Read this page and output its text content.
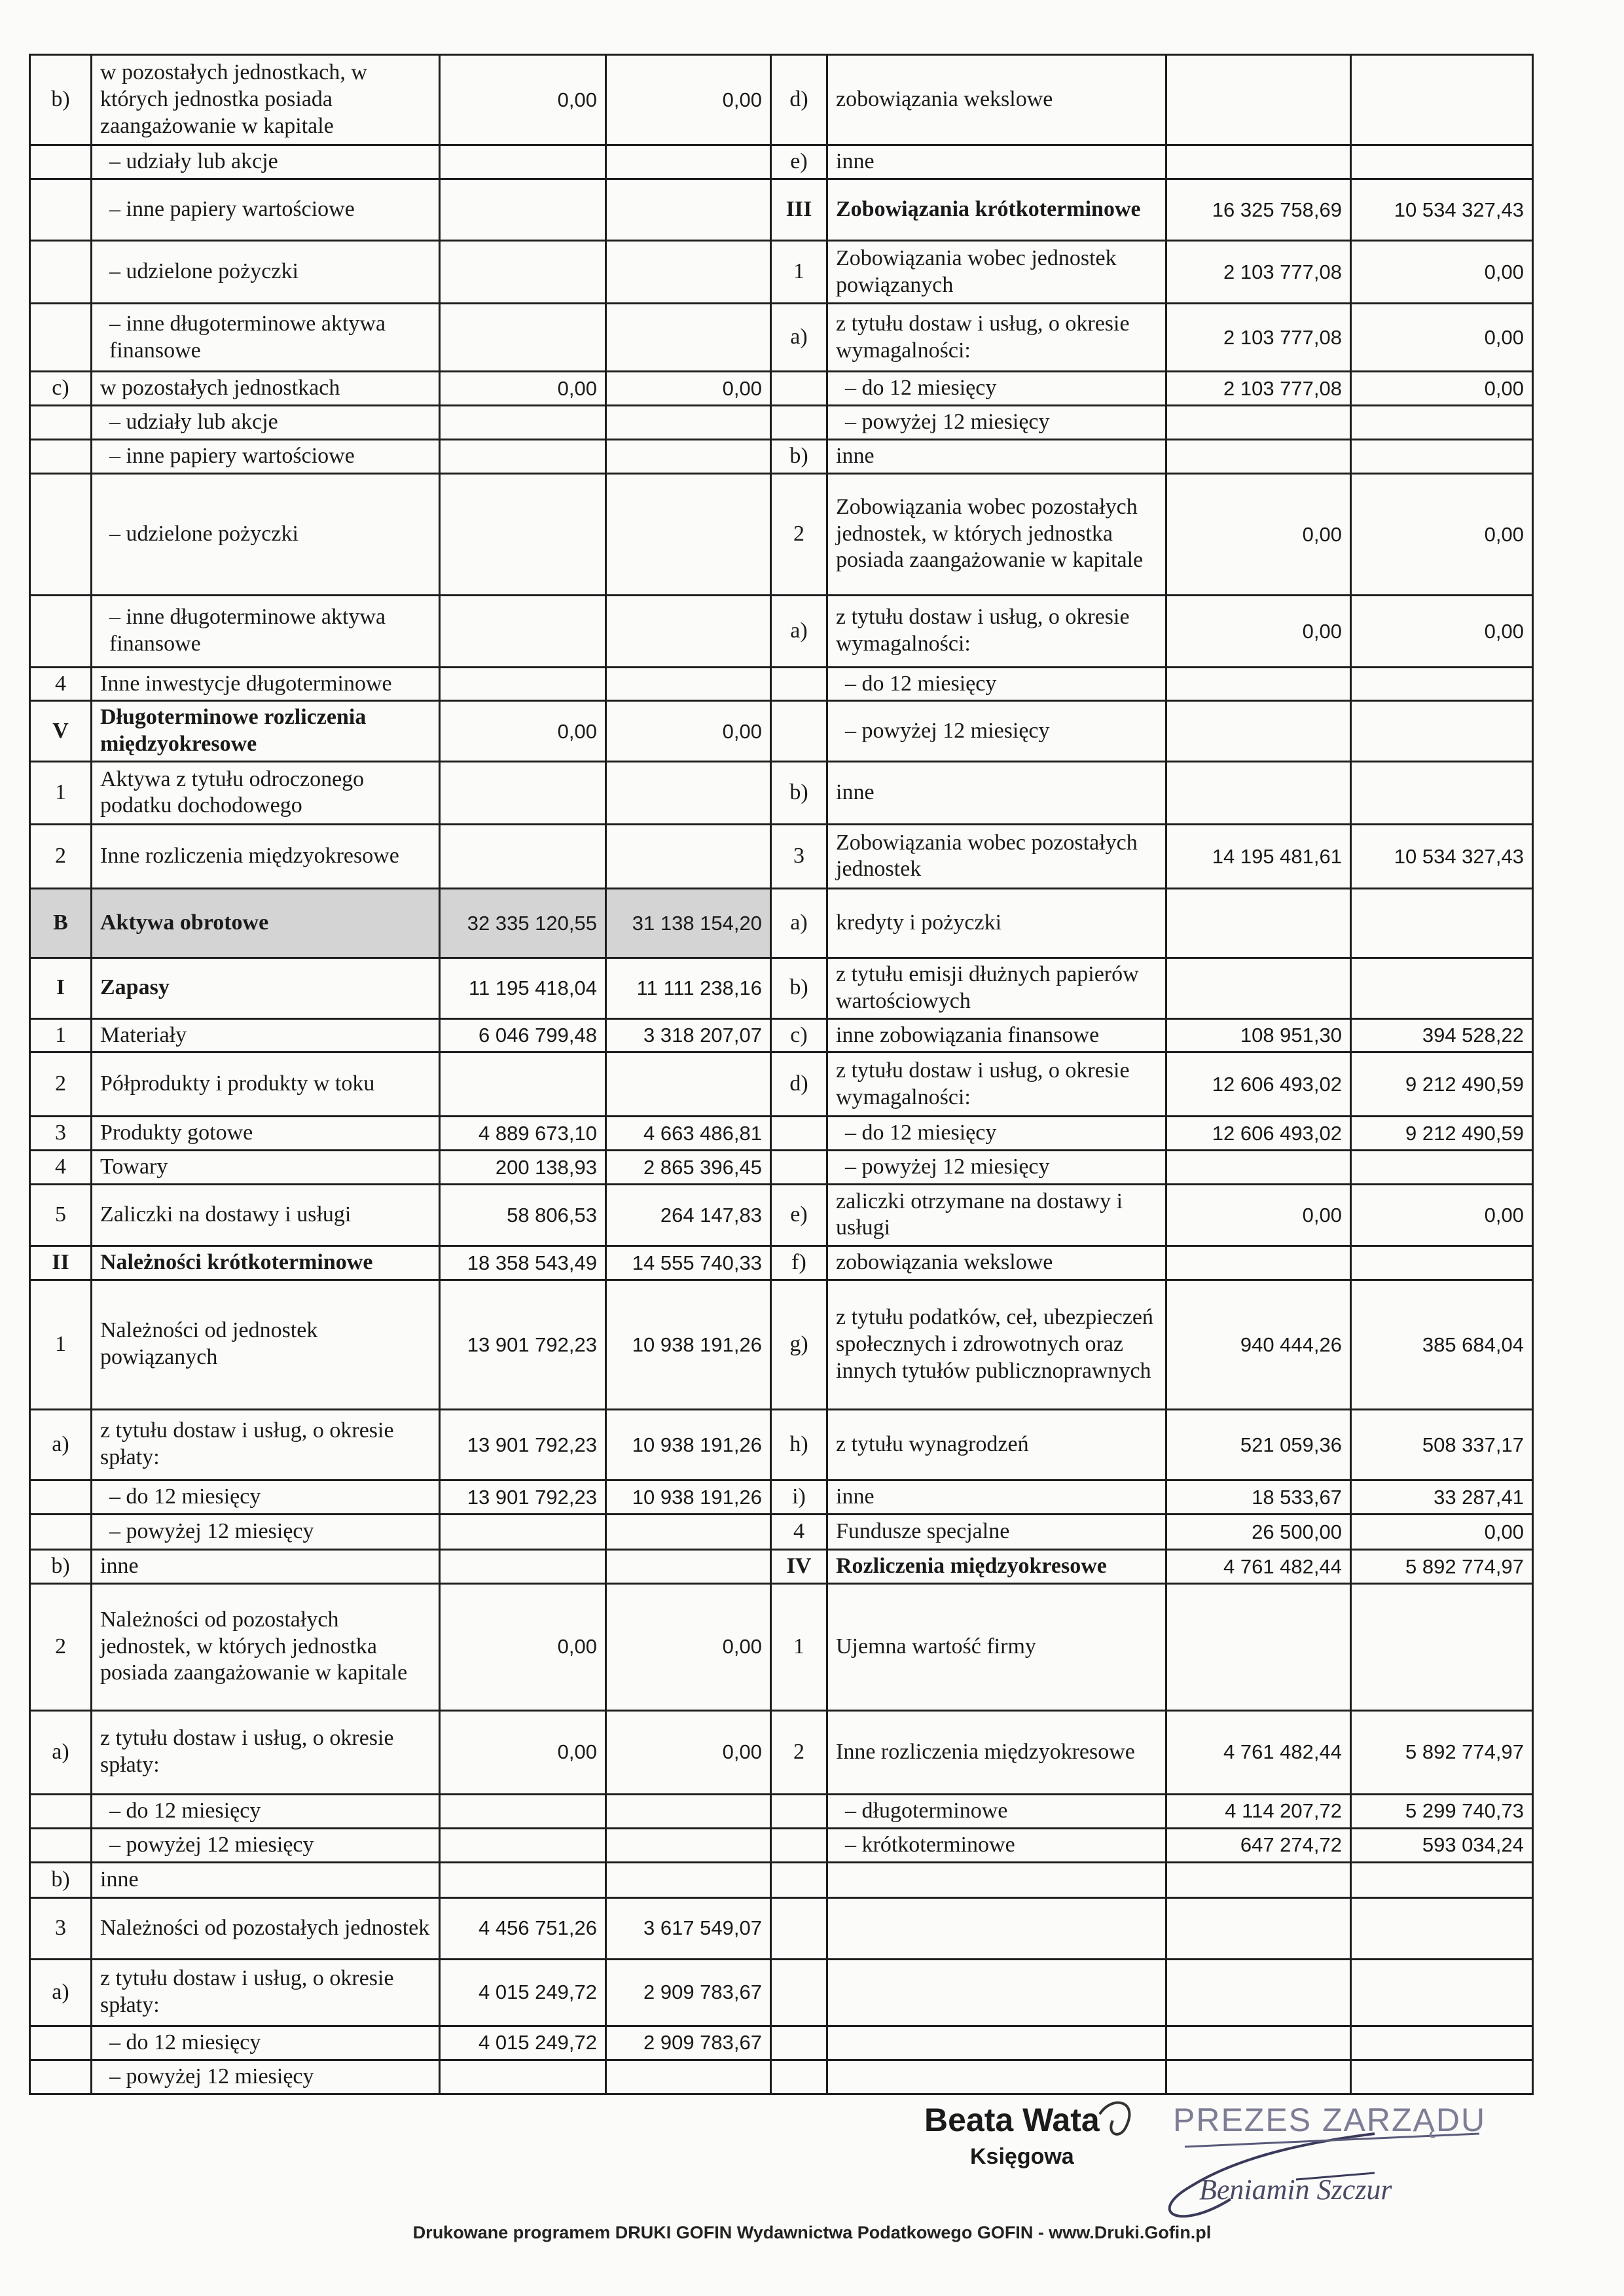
b)	w pozostałych jednostkach, w których jednostka posiada zaangażowanie w kapitale	0,00	0,00	d)	zobowiązania wekslowe		
	– udziały lub akcje			e)	inne		
	– inne papiery wartościowe			III	Zobowiązania krótkoterminowe	16 325 758,69	10 534 327,43
	– udzielone pożyczki			1	Zobowiązania wobec jednostek powiązanych	2 103 777,08	0,00
	– inne długoterminowe aktywa finansowe			a)	z tytułu dostaw i usług, o okresie wymagalności:	2 103 777,08	0,00
c)	w pozostałych jednostkach	0,00	0,00		– do 12 miesięcy	2 103 777,08	0,00
	– udziały lub akcje				– powyżej 12 miesięcy		
	– inne papiery wartościowe			b)	inne		
	– udzielone pożyczki			2	Zobowiązania wobec pozostałych jednostek, w których jednostka posiada zaangażowanie w kapitale	0,00	0,00
	– inne długoterminowe aktywa finansowe			a)	z tytułu dostaw i usług, o okresie wymagalności:	0,00	0,00
4	Inne inwestycje długoterminowe				– do 12 miesięcy		
V	Długoterminowe rozliczenia międzyokresowe	0,00	0,00		– powyżej 12 miesięcy		
1	Aktywa z tytułu odroczonego podatku dochodowego			b)	inne		
2	Inne rozliczenia międzyokresowe			3	Zobowiązania wobec pozostałych jednostek	14 195 481,61	10 534 327,43
B	Aktywa obrotowe	32 335 120,55	31 138 154,20	a)	kredyty i pożyczki		
I	Zapasy	11 195 418,04	11 111 238,16	b)	z tytułu emisji dłużnych papierów wartościowych		
1	Materiały	6 046 799,48	3 318 207,07	c)	inne zobowiązania finansowe	108 951,30	394 528,22
2	Półprodukty i produkty w toku			d)	z tytułu dostaw i usług, o okresie wymagalności:	12 606 493,02	9 212 490,59
3	Produkty gotowe	4 889 673,10	4 663 486,81		– do 12 miesięcy	12 606 493,02	9 212 490,59
4	Towary	200 138,93	2 865 396,45		– powyżej 12 miesięcy		
5	Zaliczki na dostawy i usługi	58 806,53	264 147,83	e)	zaliczki otrzymane na dostawy i usługi	0,00	0,00
II	Należności krótkoterminowe	18 358 543,49	14 555 740,33	f)	zobowiązania wekslowe		
1	Należności od jednostek powiązanych	13 901 792,23	10 938 191,26	g)	z tytułu podatków, ceł, ubezpieczeń społecznych i zdrowotnych oraz innych tytułów publicznoprawnych	940 444,26	385 684,04
a)	z tytułu dostaw i usług, o okresie spłaty:	13 901 792,23	10 938 191,26	h)	z tytułu wynagrodzeń	521 059,36	508 337,17
	– do 12 miesięcy	13 901 792,23	10 938 191,26	i)	inne	18 533,67	33 287,41
	– powyżej 12 miesięcy			4	Fundusze specjalne	26 500,00	0,00
b)	inne			IV	Rozliczenia międzyokresowe	4 761 482,44	5 892 774,97
2	Należności od pozostałych jednostek, w których jednostka posiada zaangażowanie w kapitale	0,00	0,00	1	Ujemna wartość firmy		
a)	z tytułu dostaw i usług, o okresie spłaty:	0,00	0,00	2	Inne rozliczenia międzyokresowe	4 761 482,44	5 892 774,97
	– do 12 miesięcy				– długoterminowe	4 114 207,72	5 299 740,73
	– powyżej 12 miesięcy				– krótkoterminowe	647 274,72	593 034,24
b)	inne						
3	Należności od pozostałych jednostek	4 456 751,26	3 617 549,07				
a)	z tytułu dostaw i usług, o okresie spłaty:	4 015 249,72	2 909 783,67				
	– do 12 miesięcy	4 015 249,72	2 909 783,67				
	– powyżej 12 miesięcy						
Beata Wata
Księgowa
PREZES ZARZĄDU
Beniamin Szczur
Drukowane programem DRUKI GOFIN Wydawnictwa Podatkowego GOFIN - www.Druki.Gofin.pl
